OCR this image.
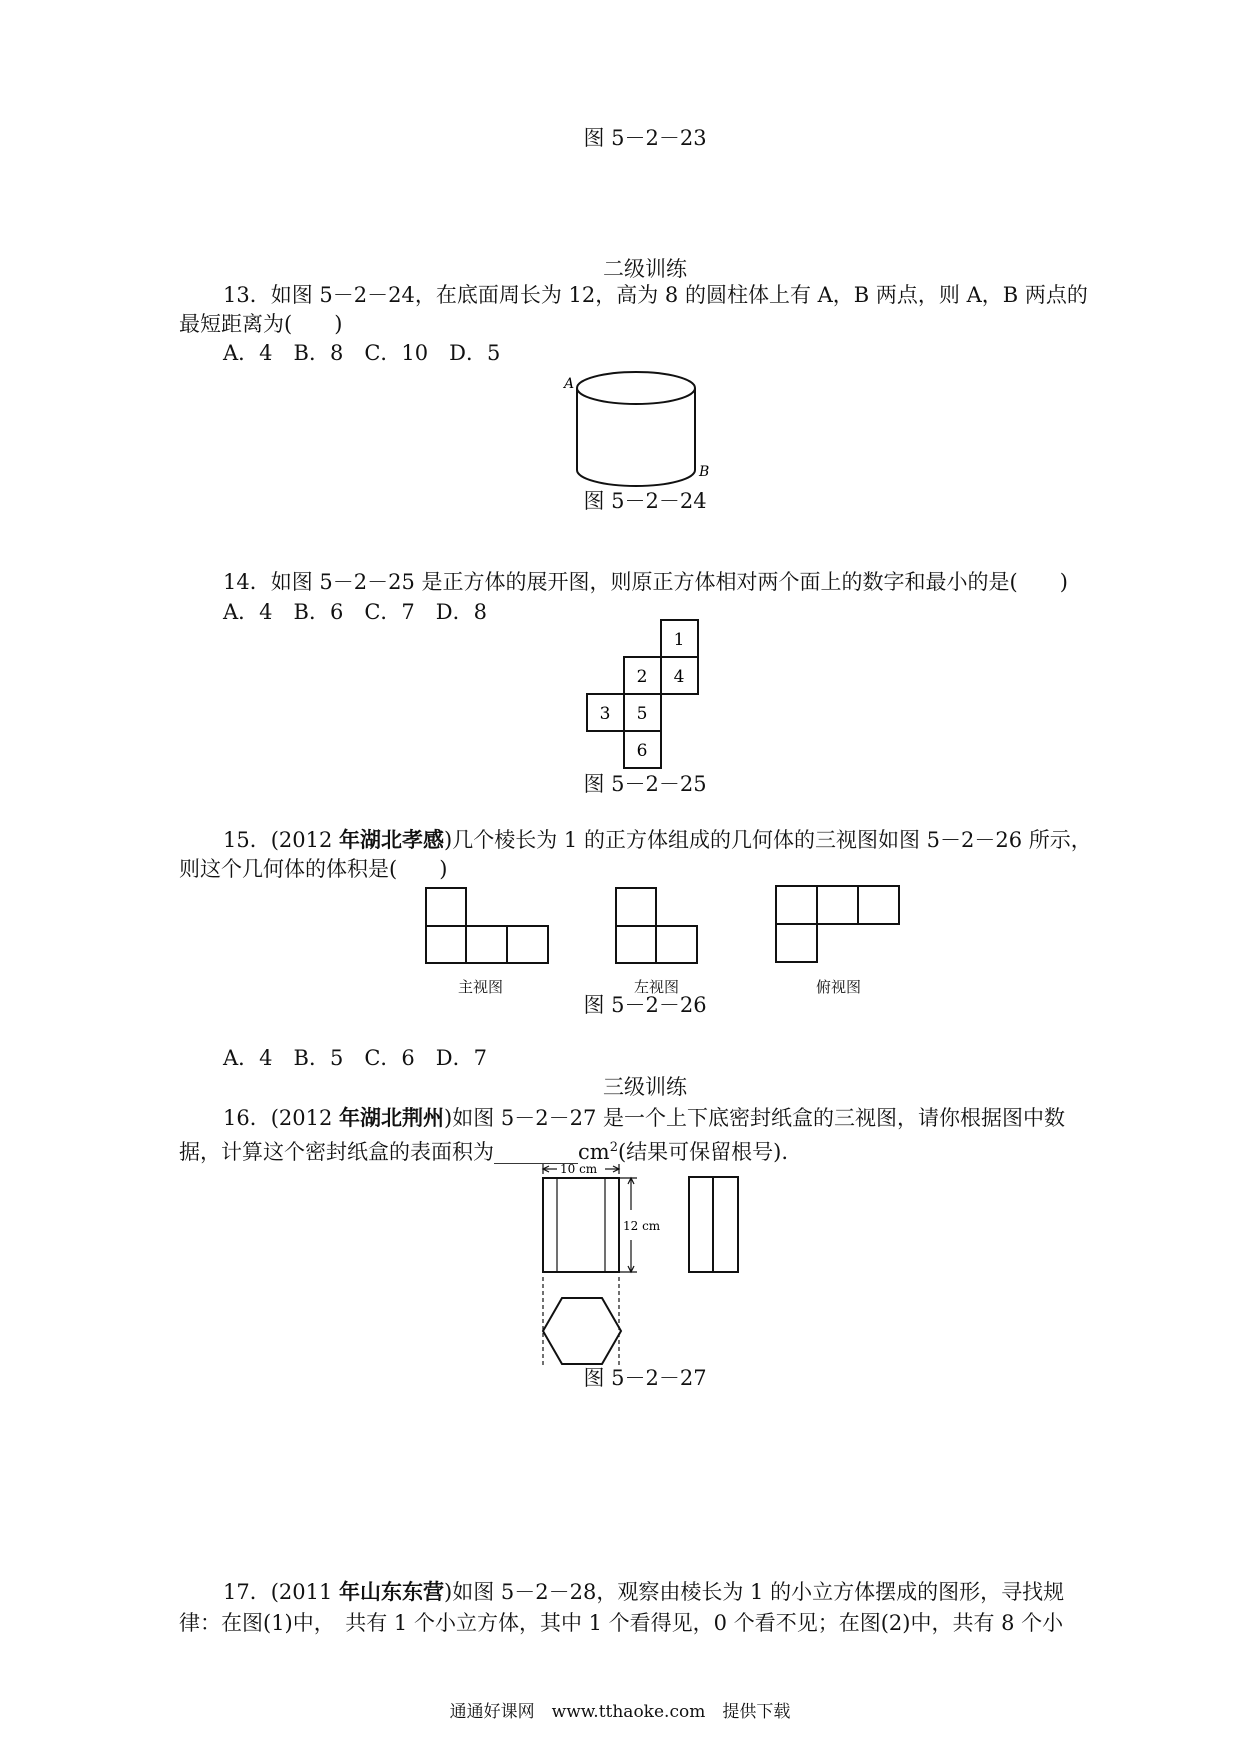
图 5－2－23
二级训练
13．如图 5－2－24，在底面周长为 12，高为 8 的圆柱体上有 A，B 两点，则 A，B 两点的
最短距离为(　　)
A．4　B．8　C．10　D．5
A
B
图 5－2－24
14．如图 5－2－25 是正方体的展开图，则原正方体相对两个面上的数字和最小的是(　　)
A．4　B．6　C．7　D．8
1
2 4
3 5
6
图 5－2－25
15．(2012 年湖北孝感)几个棱长为 1 的正方体组成的几何体的三视图如图 5－2－26 所示，
则这个几何体的体积是(　　)
主视图	左视图	俯视图
图 5－2－26
A．4　B．5　C．6　D．7
三级训练
16．(2012 年湖北荆州)如图 5－2－27 是一个上下底密封纸盒的三视图，请你根据图中数
据，计算这个密封纸盒的表面积为$\_\_\_\_\_\_\_\_cm^2$(结果可保留根号).
10 cm
12 cm
图 5－2－27
17．(2011 年山东东营)如图 5－2－28，观察由棱长为 1 的小立方体摆成的图形，寻找规
律：在图(1)中，　共有 1 个小立方体，其中 1 个看得见，0 个看不见；在图(2)中，共有 8 个小
通通好课网　www.tthaoke.com　提供下载
